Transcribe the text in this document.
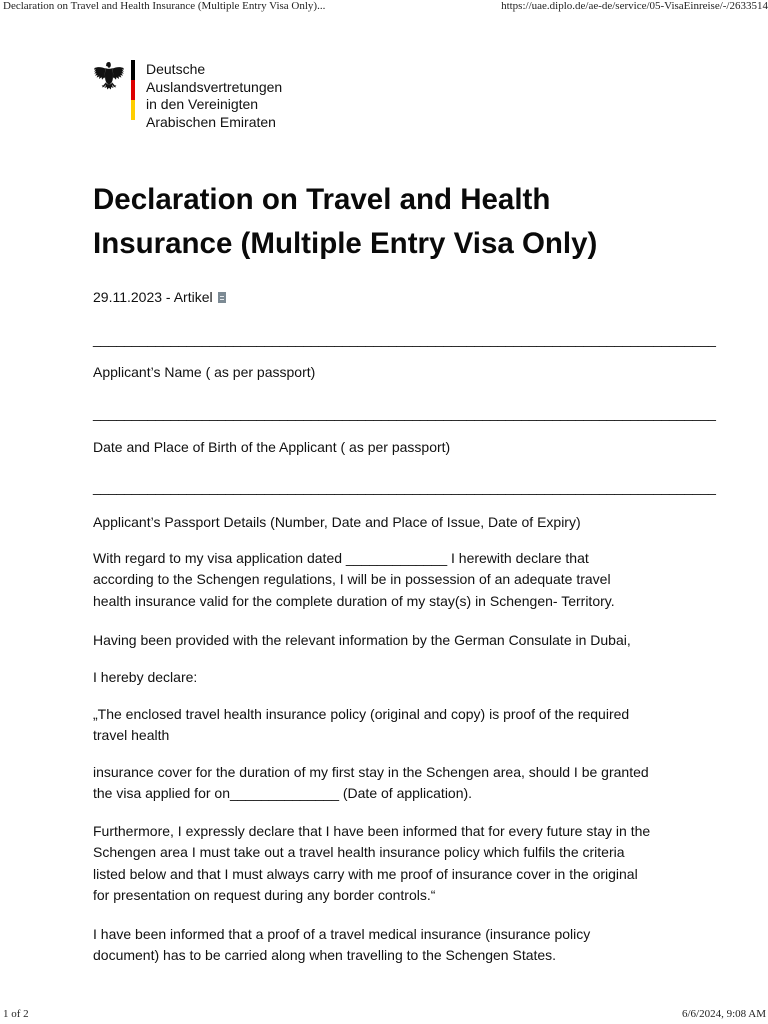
Declaration on Travel and Health Insurance (Multiple Entry Visa Only)...	https://uae.diplo.de/ae-de/service/05-VisaEinreise/-/2633514
Deutsche
Auslandsvertretungen
in den Vereinigten
Arabischen Emiraten
Declaration on Travel and Health
Insurance (Multiple Entry Visa Only)
29.11.2023 - Artikel
________________________________________________________________________________
Applicant’s Name ( as per passport)
________________________________________________________________________________
Date and Place of Birth of the Applicant ( as per passport)
________________________________________________________________________________
Applicant’s Passport Details (Number, Date and Place of Issue, Date of Expiry)
With regard to my visa application dated _____________ I herewith declare that
according to the Schengen regulations, I will be in possession of an adequate travel
health insurance valid for the complete duration of my stay(s) in Schengen- Territory.
Having been provided with the relevant information by the German Consulate in Dubai,
I hereby declare:
„The enclosed travel health insurance policy (original and copy) is proof of the required
travel health
insurance cover for the duration of my first stay in the Schengen area, should I be granted
the visa applied for on______________ (Date of application).
Furthermore, I expressly declare that I have been informed that for every future stay in the
Schengen area I must take out a travel health insurance policy which fulfils the criteria
listed below and that I must always carry with me proof of insurance cover in the original
for presentation on request during any border controls.“
I have been informed that a proof of a travel medical insurance (insurance policy
document) has to be carried along when travelling to the Schengen States.
1 of 2	6/6/2024, 9:08 AM
